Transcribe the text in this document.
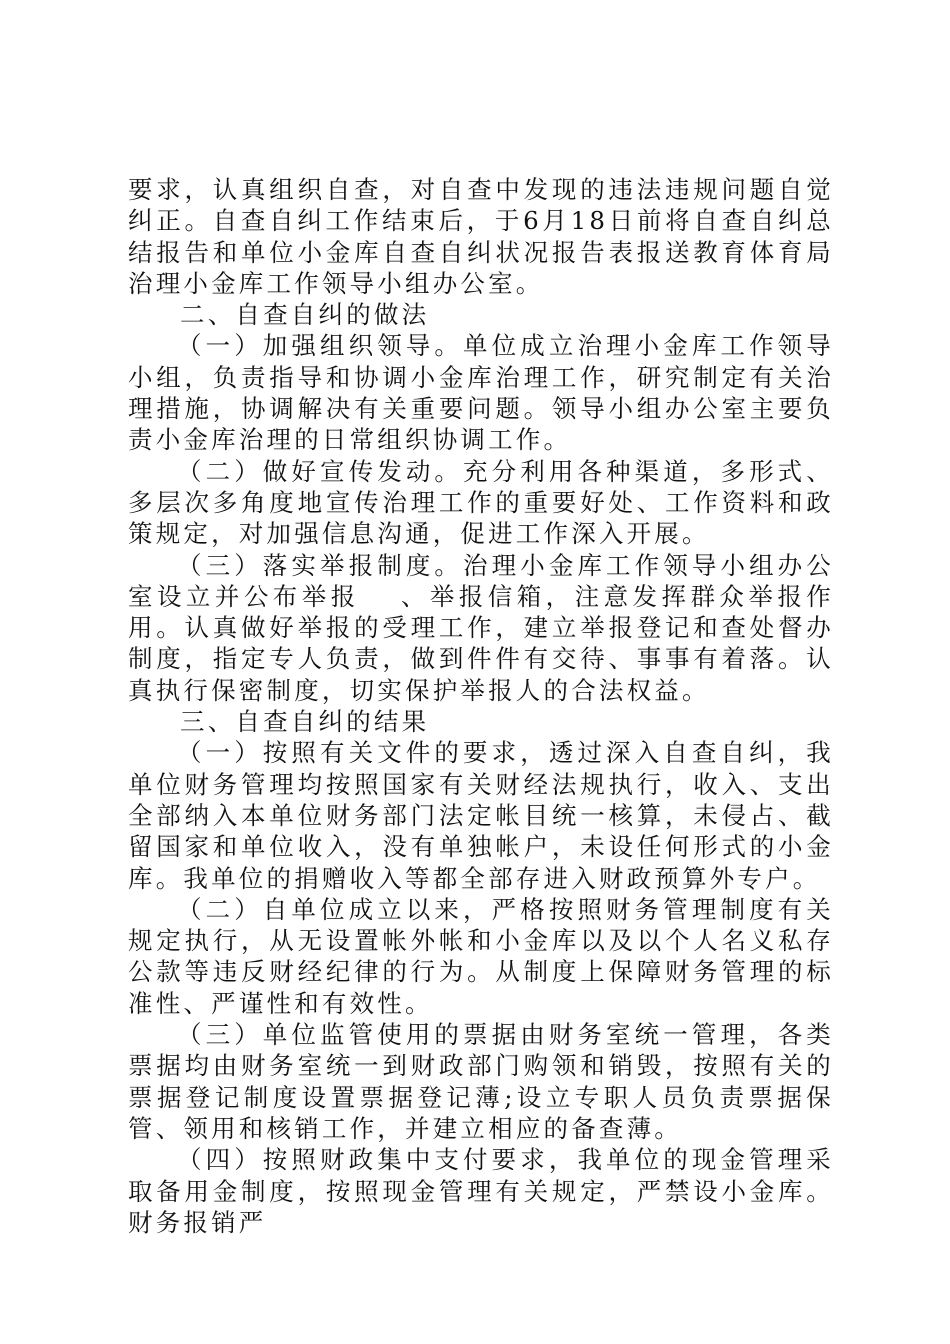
要求，认真组织自查，对自查中发现的违法违规问题自觉纠正。自查自纠工作结束后，于6月18日前将自查自纠总结报告和单位小金库自查自纠状况报告表报送教育体育局治理小金库工作领导小组办公室。

二、自查自纠的做法

（一）加强组织领导。单位成立治理小金库工作领导小组，负责指导和协调小金库治理工作，研究制定有关治理措施，协调解决有关重要问题。领导小组办公室主要负责小金库治理的日常组织协调工作。

（二）做好宣传发动。充分利用各种渠道，多形式、多层次多角度地宣传治理工作的重要好处、工作资料和政策规定，对加强信息沟通，促进工作深入开展。

（三）落实举报制度。治理小金库工作领导小组办公室设立并公布举报　 、举报信箱，注意发挥群众举报作用。认真做好举报的受理工作，建立举报登记和查处督办制度，指定专人负责，做到件件有交待、事事有着落。认真执行保密制度，切实保护举报人的合法权益。

三、自查自纠的结果

（一）按照有关文件的要求，透过深入自查自纠，我单位财务管理均按照国家有关财经法规执行，收入、支出全部纳入本单位财务部门法定帐目统一核算，未侵占、截留国家和单位收入，没有单独帐户，未设任何形式的小金库。我单位的捐赠收入等都全部存进入财政预算外专户。

（二）自单位成立以来，严格按照财务管理制度有关规定执行，从无设置帐外帐和小金库以及以个人名义私存公款等违反财经纪律的行为。从制度上保障财务管理的标准性、严谨性和有效性。

（三）单位监管使用的票据由财务室统一管理，各类票据均由财务室统一到财政部门购领和销毁，按照有关的票据登记制度设置票据登记薄;设立专职人员负责票据保管、领用和核销工作，并建立相应的备查薄。

（四）按照财政集中支付要求，我单位的现金管理采取备用金制度，按照现金管理有关规定，严禁设小金库。财务报销严
